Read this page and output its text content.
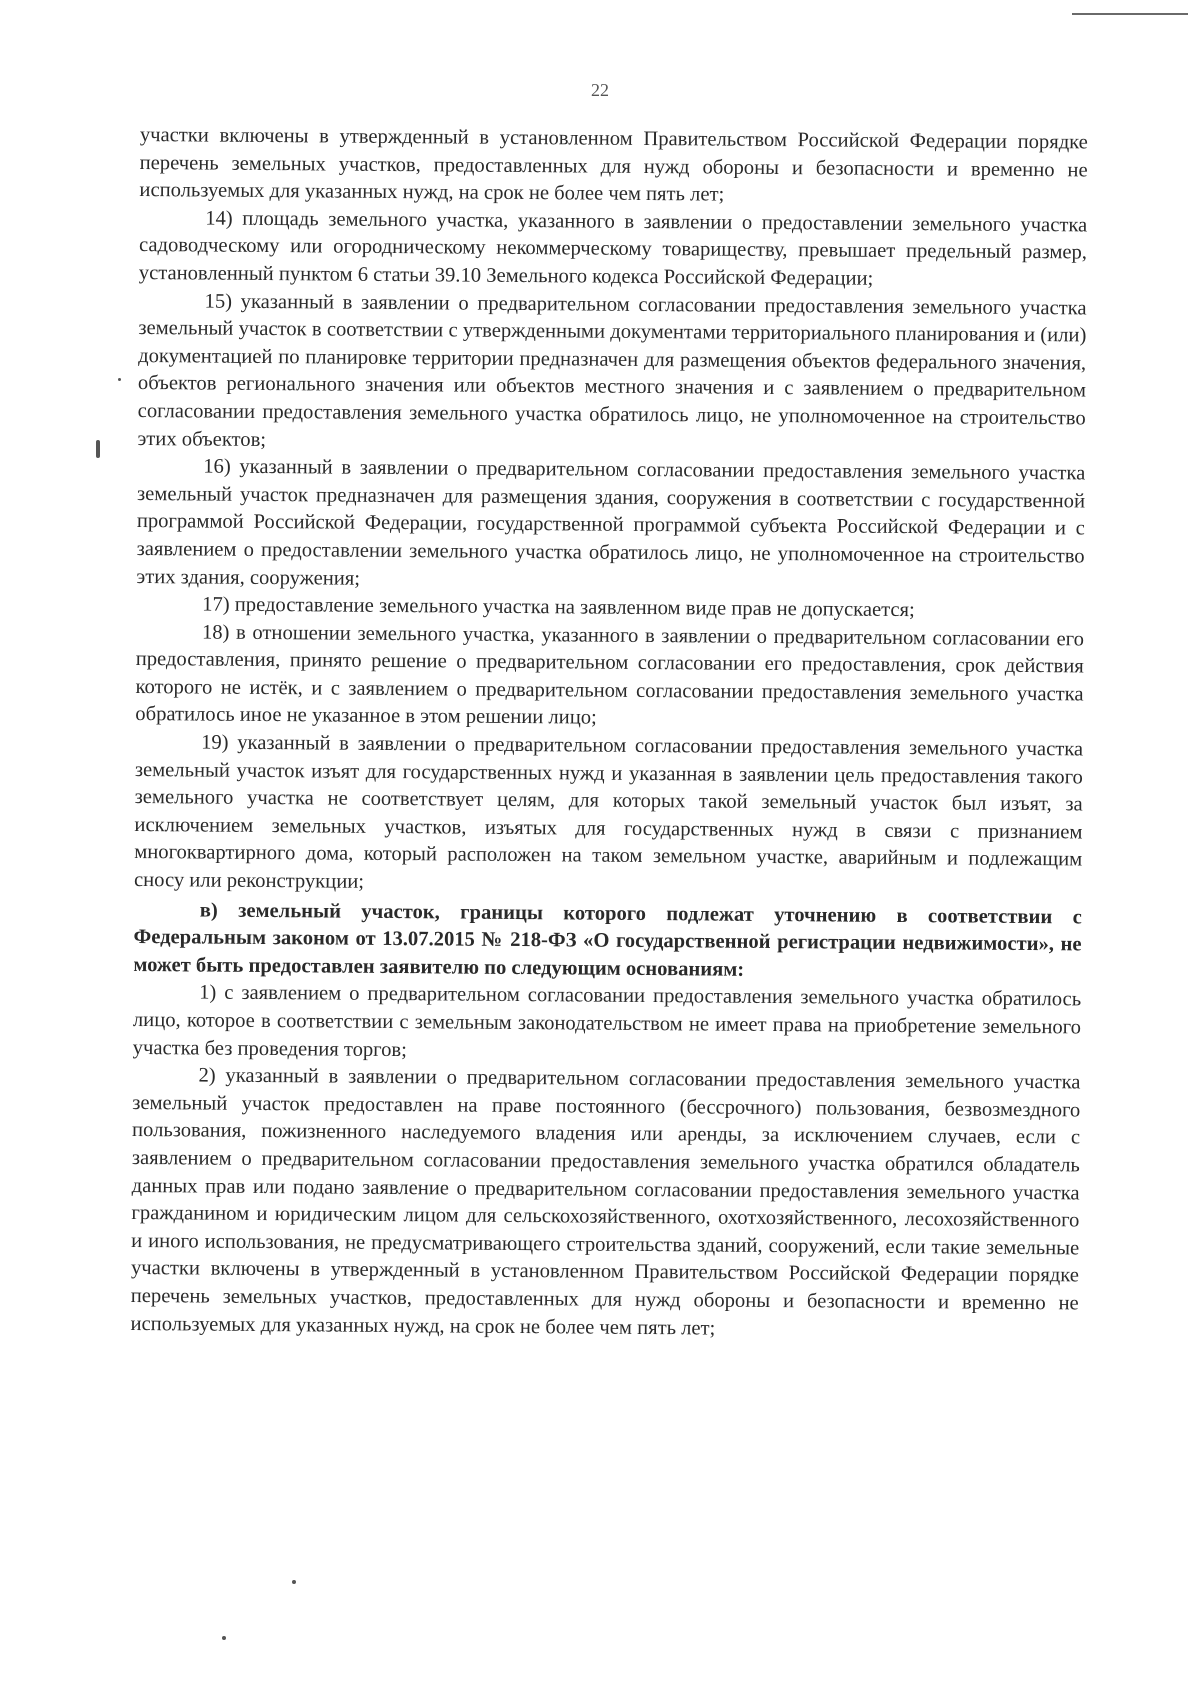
22

участки включены в утвержденный в установленном Правительством Российской Федерации порядке перечень земельных участков, предоставленных для нужд обороны и безопасности и временно не используемых для указанных нужд, на срок не более чем пять лет;

14) площадь земельного участка, указанного в заявлении о предоставлении земельного участка садоводческому или огородническому некоммерческому товариществу, превышает предельный размер, установленный пунктом 6 статьи 39.10 Земельного кодекса Российской Федерации;

15) указанный в заявлении о предварительном согласовании предоставления земельного участка земельный участок в соответствии с утвержденными документами территориального планирования и (или) документацией по планировке территории предназначен для размещения объектов федерального значения, объектов регионального значения или объектов местного значения и с заявлением о предварительном согласовании предоставления земельного участка обратилось лицо, не уполномоченное на строительство этих объектов;

16) указанный в заявлении о предварительном согласовании предоставления земельного участка земельный участок предназначен для размещения здания, сооружения в соответствии с государственной программой Российской Федерации, государственной программой субъекта Российской Федерации и с заявлением о предоставлении земельного участка обратилось лицо, не уполномоченное на строительство этих здания, сооружения;

17) предоставление земельного участка на заявленном виде прав не допускается;

18) в отношении земельного участка, указанного в заявлении о предварительном согласовании его предоставления, принято решение о предварительном согласовании его предоставления, срок действия которого не истёк, и с заявлением о предварительном согласовании предоставления земельного участка обратилось иное не указанное в этом решении лицо;

19) указанный в заявлении о предварительном согласовании предоставления земельного участка земельный участок изъят для государственных нужд и указанная в заявлении цель предоставления такого земельного участка не соответствует целям, для которых такой земельный участок был изъят, за исключением земельных участков, изъятых для государственных нужд в связи с признанием многоквартирного дома, который расположен на таком земельном участке, аварийным и подлежащим сносу или реконструкции;

в) земельный участок, границы которого подлежат уточнению в соответствии с Федеральным законом от 13.07.2015 № 218-ФЗ «О государственной регистрации недвижимости», не может быть предоставлен заявителю по следующим основаниям:

1) с заявлением о предварительном согласовании предоставления земельного участка обратилось лицо, которое в соответствии с земельным законодательством не имеет права на приобретение земельного участка без проведения торгов;

2) указанный в заявлении о предварительном согласовании предоставления земельного участка земельный участок предоставлен на праве постоянного (бессрочного) пользования, безвозмездного пользования, пожизненного наследуемого владения или аренды, за исключением случаев, если с заявлением о предварительном согласовании предоставления земельного участка обратился обладатель данных прав или подано заявление о предварительном согласовании предоставления земельного участка гражданином и юридическим лицом для сельскохозяйственного, охотхозяйственного, лесохозяйственного и иного использования, не предусматривающего строительства зданий, сооружений, если такие земельные участки включены в утвержденный в установленном Правительством Российской Федерации порядке перечень земельных участков, предоставленных для нужд обороны и безопасности и временно не используемых для указанных нужд, на срок не более чем пять лет;
